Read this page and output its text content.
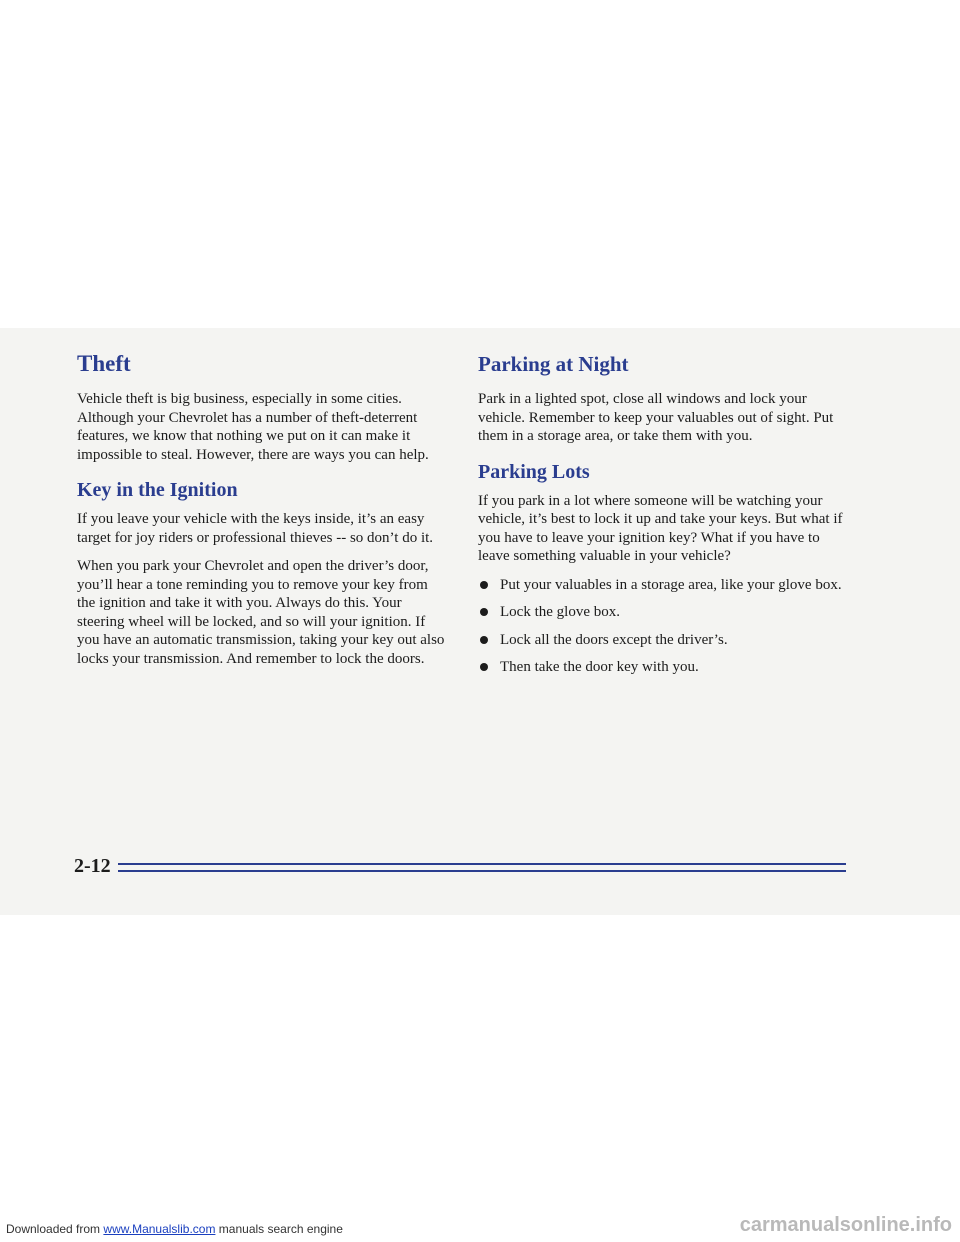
Theft

Vehicle theft is big business, especially in some cities. Although your Chevrolet has a number of theft-deterrent features, we know that nothing we put on it can make it impossible to steal. However, there are ways you can help.

Key in the Ignition

If you leave your vehicle with the keys inside, it’s an easy target for joy riders or professional thieves -- so don’t do it.

When you park your Chevrolet and open the driver’s door, you’ll hear a tone reminding you to remove your key from the ignition and take it with you. Always do this. Your steering wheel will be locked, and so will your ignition. If you have an automatic transmission, taking your key out also locks your transmission. And remember to lock the doors.

Parking at Night

Park in a lighted spot, close all windows and lock your vehicle. Remember to keep your valuables out of sight. Put them in a storage area, or take them with you.

Parking Lots

If you park in a lot where someone will be watching your vehicle, it’s best to lock it up and take your keys. But what if you have to leave your ignition key? What if you have to leave something valuable in your vehicle?

Put your valuables in a storage area, like your glove box.
Lock the glove box.
Lock all the doors except the driver’s.
Then take the door key with you.
2-12
Downloaded from www.Manualslib.com manuals search engine	carmanualsonline.info
